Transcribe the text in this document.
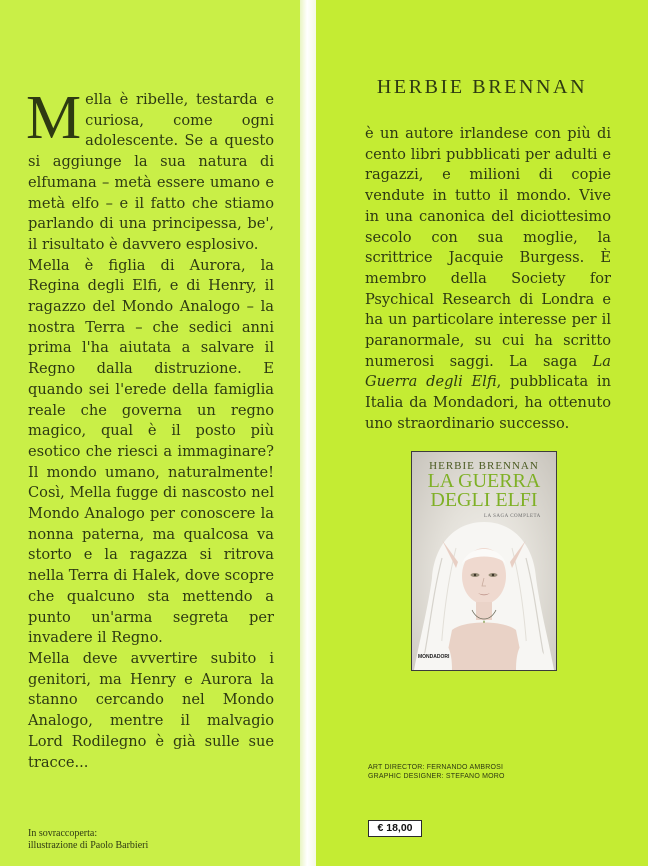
Mella è ribelle, testarda e curiosa, come ogni adolescente. Se a questo si aggiunge la sua natura di elfumana – metà essere umano e metà elfo – e il fatto che stiamo parlando di una principessa, be', il risultato è davvero esplosivo.

Mella è figlia di Aurora, la Regina degli Elfi, e di Henry, il ragazzo del Mondo Analogo – la nostra Terra – che sedici anni prima l'ha aiutata a salvare il Regno dalla distruzione. E quando sei l'erede della famiglia reale che governa un regno magico, qual è il posto più esotico che riesci a immaginare? Il mondo umano, naturalmente! Così, Mella fugge di nascosto nel Mondo Analogo per conoscere la nonna paterna, ma qualcosa va storto e la ragazza si ritrova nella Terra di Halek, dove scopre che qualcuno sta mettendo a punto un'arma segreta per invadere il Regno.

Mella deve avvertire subito i genitori, ma Henry e Aurora la stanno cercando nel Mondo Analogo, mentre il malvagio Lord Rodilegno è già sulle sue tracce...

In sovraccoperta:
illustrazione di Paolo Barbieri
HERBIE BRENNAN

è un autore irlandese con più di cento libri pubblicati per adulti e ragazzi, e milioni di copie vendute in tutto il mondo. Vive in una canonica del diciottesimo secolo con sua moglie, la scrittrice Jacquie Burgess. È membro della Society for Psychical Research di Londra e ha un particolare interesse per il paranormale, su cui ha scritto numerosi saggi. La saga La Guerra degli Elfi, pubblicata in Italia da Mondadori, ha ottenuto uno straordinario successo.

HERBIE BRENNAN
LA GUERRA
DEGLI ELFI
LA SAGA COMPLETA
MONDADORI
ART DIRECTOR: FERNANDO AMBROSI
GRAPHIC DESIGNER: STEFANO MORO
€ 18,00
